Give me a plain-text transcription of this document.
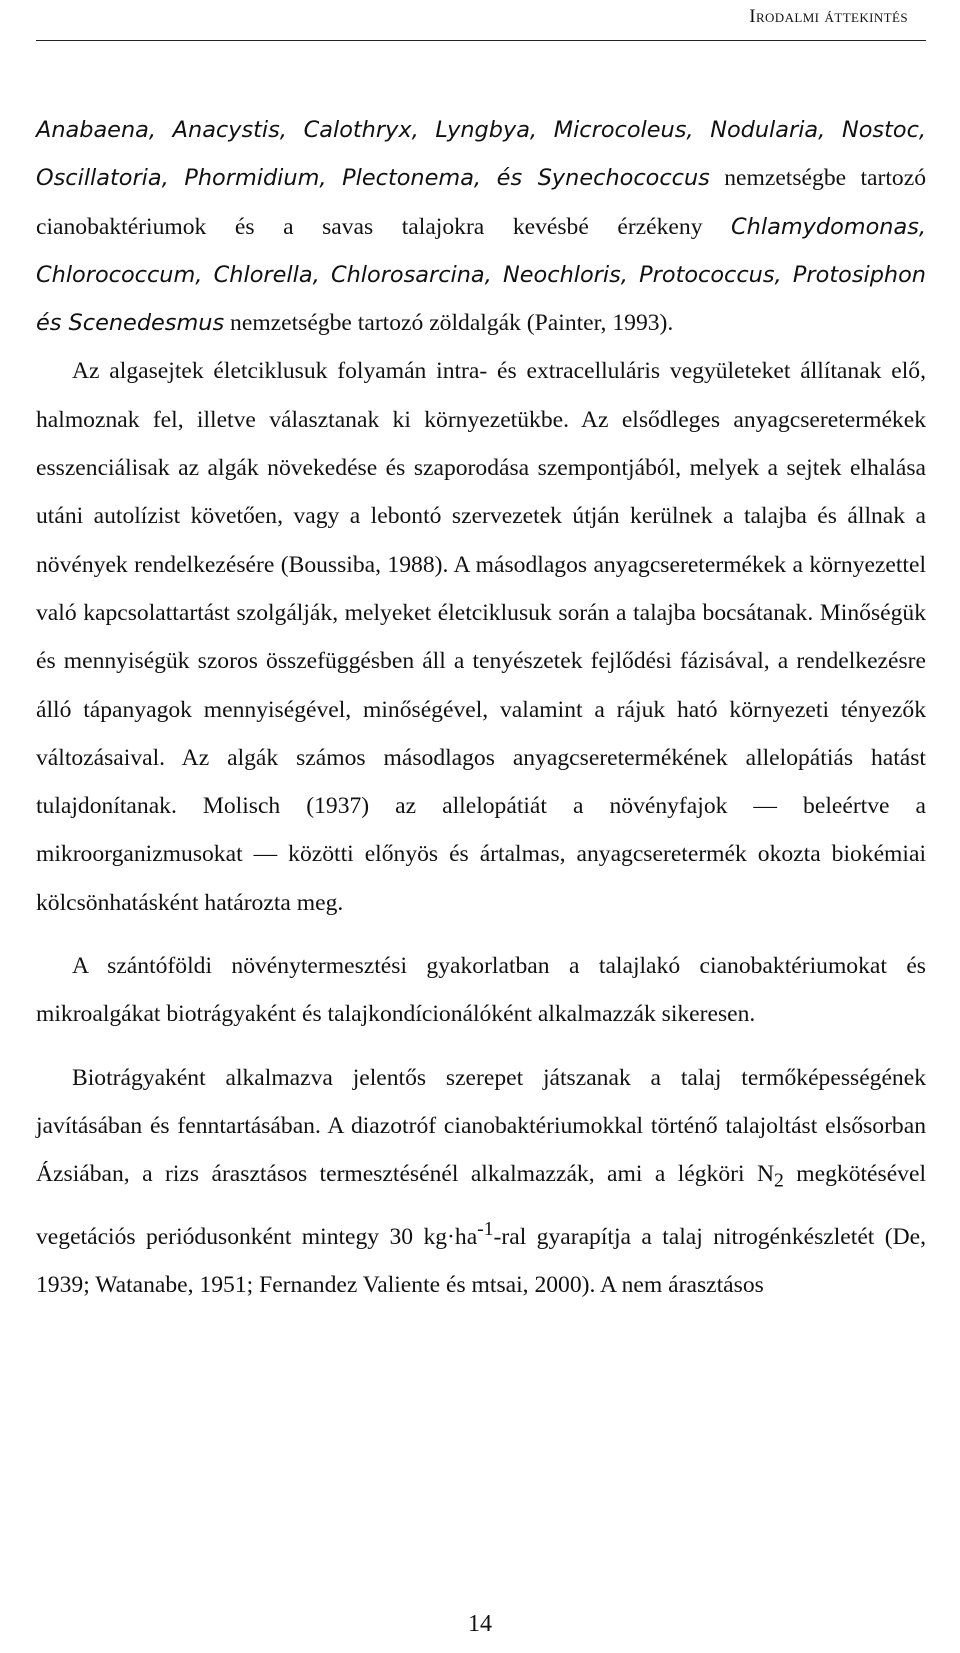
Irodalmi áttekintés

Anabaena, Anacystis, Calothryx, Lyngbya, Microcoleus, Nodularia, Nostoc, Oscillatoria, Phormidium, Plectonema, és Synechococcus nemzetségbe tartozó cianobaktériumok és a savas talajokra kevésbé érzékeny Chlamydomonas, Chlorococcum, Chlorella, Chlorosarcina, Neochloris, Protococcus, Protosiphon és Scenedesmus nemzetségbe tartozó zöldalgák (Painter, 1993).

Az algasejtek életciklusuk folyamán intra- és extracelluláris vegyületeket állítanak elő, halmoznak fel, illetve választanak ki környezetükbe. Az elsődleges anyagcseretermékek esszenciálisak az algák növekedése és szaporodása szempontjából, melyek a sejtek elhalása utáni autolízist követően, vagy a lebontó szervezetek útján kerülnek a talajba és állnak a növények rendelkezésére (Boussiba, 1988). A másodlagos anyagcseretermékek a környezettel való kapcsolattartást szolgálják, melyeket életciklusuk során a talajba bocsátanak. Minőségük és mennyiségük szoros összefüggésben áll a tenyészetek fejlődési fázisával, a rendelkezésre álló tápanyagok mennyiségével, minőségével, valamint a rájuk ható környezeti tényezők változásaival. Az algák számos másodlagos anyagcseretermékének allelopátiás hatást tulajdonítanak. Molisch (1937) az allelopátiát a növényfajok — beleértve a mikroorganizmusokat — közötti előnyös és ártalmas, anyagcseretermék okozta biokémiai kölcsönhatásként határozta meg.

A szántóföldi növénytermesztési gyakorlatban a talajlakó cianobaktériumokat és mikroalgákat biotrágyaként és talajkondícionálóként alkalmazzák sikeresen.

Biotrágyaként alkalmazva jelentős szerepet játszanak a talaj termőképességének javításában és fenntartásában. A diazotróf cianobaktériumokkal történő talajoltást elsősorban Ázsiában, a rizs árasztásos termesztésénél alkalmazzák, ami a légköri $N_2$ megkötésével vegetációs periódusonként mintegy 30 $kg\cdot ha^{-1}$-ral gyarapítja a talaj nitrogénkészletét (De, 1939; Watanabe, 1951; Fernandez Valiente és mtsai, 2000). A nem árasztásos

14
